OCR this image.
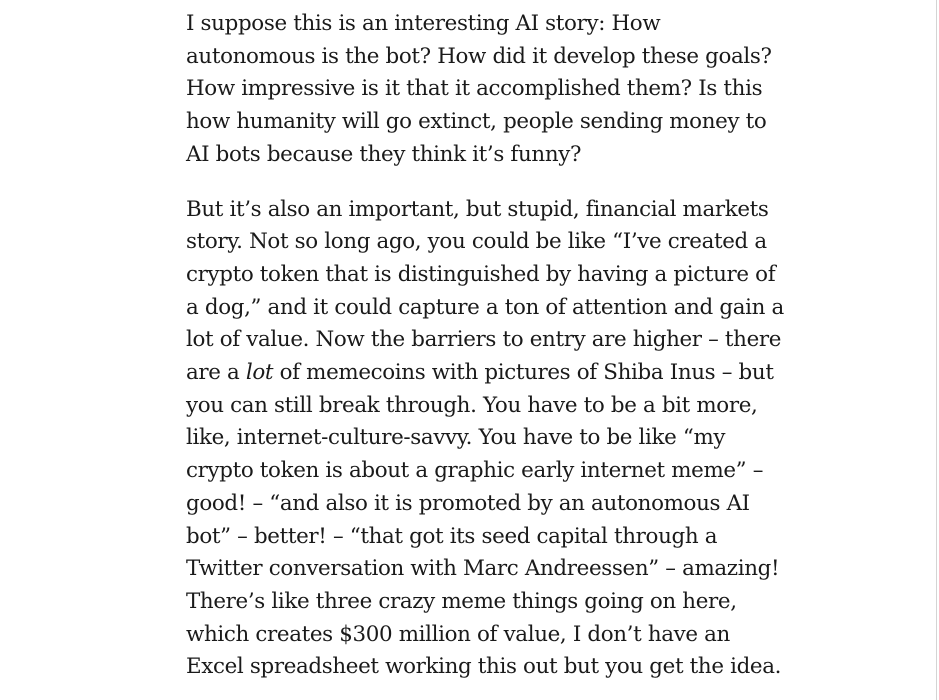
I suppose this is an interesting AI story: How
autonomous is the bot? How did it develop these goals?
How impressive is it that it accomplished them? Is this
how humanity will go extinct, people sending money to
AI bots because they think it’s funny?

But it’s also an important, but stupid, financial markets
story. Not so long ago, you could be like “I’ve created a
crypto token that is distinguished by having a picture of
a dog,” and it could capture a ton of attention and gain a
lot of value. Now the barriers to entry are higher – there
are a lot of memecoins with pictures of Shiba Inus – but
you can still break through. You have to be a bit more,
like, internet-culture-savvy. You have to be like “my
crypto token is about a graphic early internet meme” –
good! – “and also it is promoted by an autonomous AI
bot” – better! – “that got its seed capital through a
Twitter conversation with Marc Andreessen” – amazing!
There’s like three crazy meme things going on here,
which creates $300 million of value, I don’t have an
Excel spreadsheet working this out but you get the idea.
